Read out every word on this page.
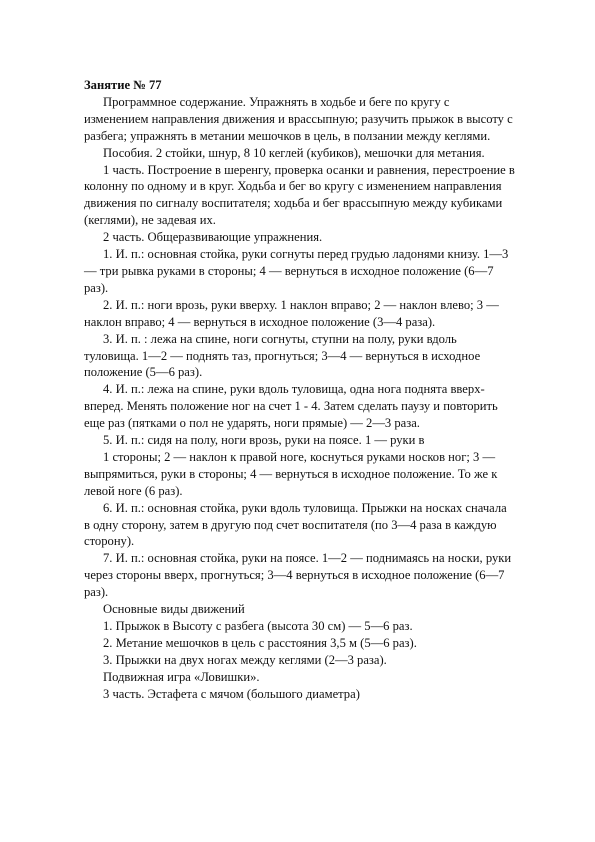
Занятие № 77
Программное содержание. Упражнять в ходьбе и беге по кругу с
изменением направления движения и врассыпную; разучить прыжок в высоту с
разбега; упражнять в метании мешочков в цель, в ползании между кеглями.
Пособия. 2 стойки, шнур, 8 10 кеглей (кубиков), мешочки для метания.
1 часть. Построение в шеренгу, проверка осанки и равнения, перестроение в
колонну по одному и в круг. Ходьба и бег во кругу с изменением направления
движения по сигналу воспитателя; ходьба и бег врассыпную между кубиками
(кеглями), не задевая их.
2 часть. Общеразвивающие упражнения.
1. И. п.: основная стойка, руки согнуты перед грудью ладонями книзу. 1—3
— три рывка руками в стороны; 4 — вернуться в исходное положение (6—7
раз).
2. И. п.: ноги врозь, руки вверху. 1 наклон вправо; 2 — наклон влево; 3 —
наклон вправо; 4 — вернуться в исходное положение (3—4 раза).
3. И. п. : лежа на спине, ноги согнуты, ступни на полу, руки вдоль
туловища. 1—2 — поднять таз, прогнуться; 3—4 — вернуться в исходное
положение (5—6 раз).
4. И. п.: лежа на спине, руки вдоль туловища, одна нога поднята вверх-
вперед. Менять положение ног на счет 1 - 4. Затем сделать паузу и повторить
еще раз (пятками о пол не ударять, ноги прямые) — 2—3 раза.
5. И. п.: сидя на полу, ноги врозь, руки на поясе. 1 — руки в
1 стороны; 2 — наклон к правой ноге, коснуться руками носков ног; 3 —
выпрямиться, руки в стороны; 4 — вернуться в исходное положение. То же к
левой ноге (6 раз).
6. И. п.: основная стойка, руки вдоль туловища. Прыжки на носках сначала
в одну сторону, затем в другую под счет воспитателя (по 3—4 раза в каждую
сторону).
7. И. п.: основная стойка, руки на поясе. 1—2 — поднимаясь на носки, руки
через стороны вверх, прогнуться; 3—4 вернуться в исходное положение (6—7
раз).
Основные виды движений
1. Прыжок в Высоту с разбега (высота 30 см) — 5—6 раз.
2. Метание мешочков в цель с расстояния 3,5 м (5—6 раз).
3. Прыжки на двух ногах между кеглями (2—3 раза).
Подвижная игра «Ловишки».
3 часть. Эстафета с мячом (большого диаметра)
